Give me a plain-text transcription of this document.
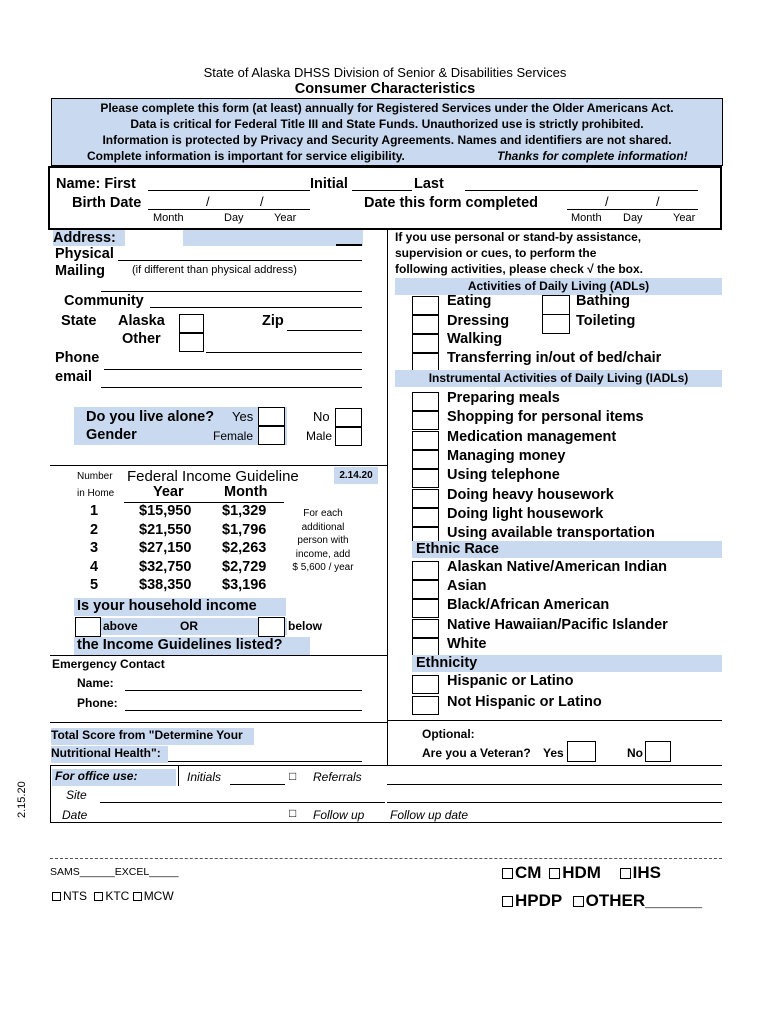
State of Alaska DHSS Division of Senior & Disabilities Services
Consumer Characteristics
Please complete this form (at least) annually for Registered Services under the Older Americans Act.
Data is critical for Federal Title III and State Funds. Unauthorized use is strictly prohibited.
Information is protected by Privacy and Security Agreements. Names and identifiers are not shared.
Complete information is important for service eligibility.	Thanks for complete information!
Name: First	Initial	Last
Birth Date	/	/
Month	Day	Year
Date this form completed	/	/
Month Day	Year
Address:
Physical
Mailing (if different than physical address)
Community
State Alaska	Zip
Other
Phone
email
Do you live alone? Yes	No
Gender	Female	Male
Number
in Home
Federal Income Guideline	2.14.20
Year	Month
1	$15,950 $1,329
2	$21,550 $1,796
3	$27,150 $2,263
4	$32,750 $2,729
5	$38,350 $3,196
For each
additional
person with
income, add
$ 5,600 / year
Is your household income
above	OR	below
the Income Guidelines listed?
Emergency Contact
Name:
Phone:
Total Score from "Determine Your
Nutritional Health":
If you use personal or stand-by assistance,
supervision or cues, to perform the
following activities, please check √ the box.
Activities of Daily Living (ADLs)
Eating	Bathing
Dressing	Toileting
Walking
Transferring in/out of bed/chair
Instrumental Activities of Daily Living (IADLs)
Preparing meals
Shopping for personal items
Medication management
Managing money
Using telephone
Doing heavy housework
Doing light housework
Using available transportation
Ethnic Race
Alaskan Native/American Indian
Asian
Black/African American
Native Hawaiian/Pacific Islander
White
Ethnicity
Hispanic or Latino
Not Hispanic or Latino
Optional:
Are you a Veteran? Yes	No
For office use:	Initials	□ Referrals
Site
Date	□ Follow up Follow up date
2.15.20
SAMS______EXCEL_____
NTS KTC MCW
CM HDM IHS
HPDP OTHER______
